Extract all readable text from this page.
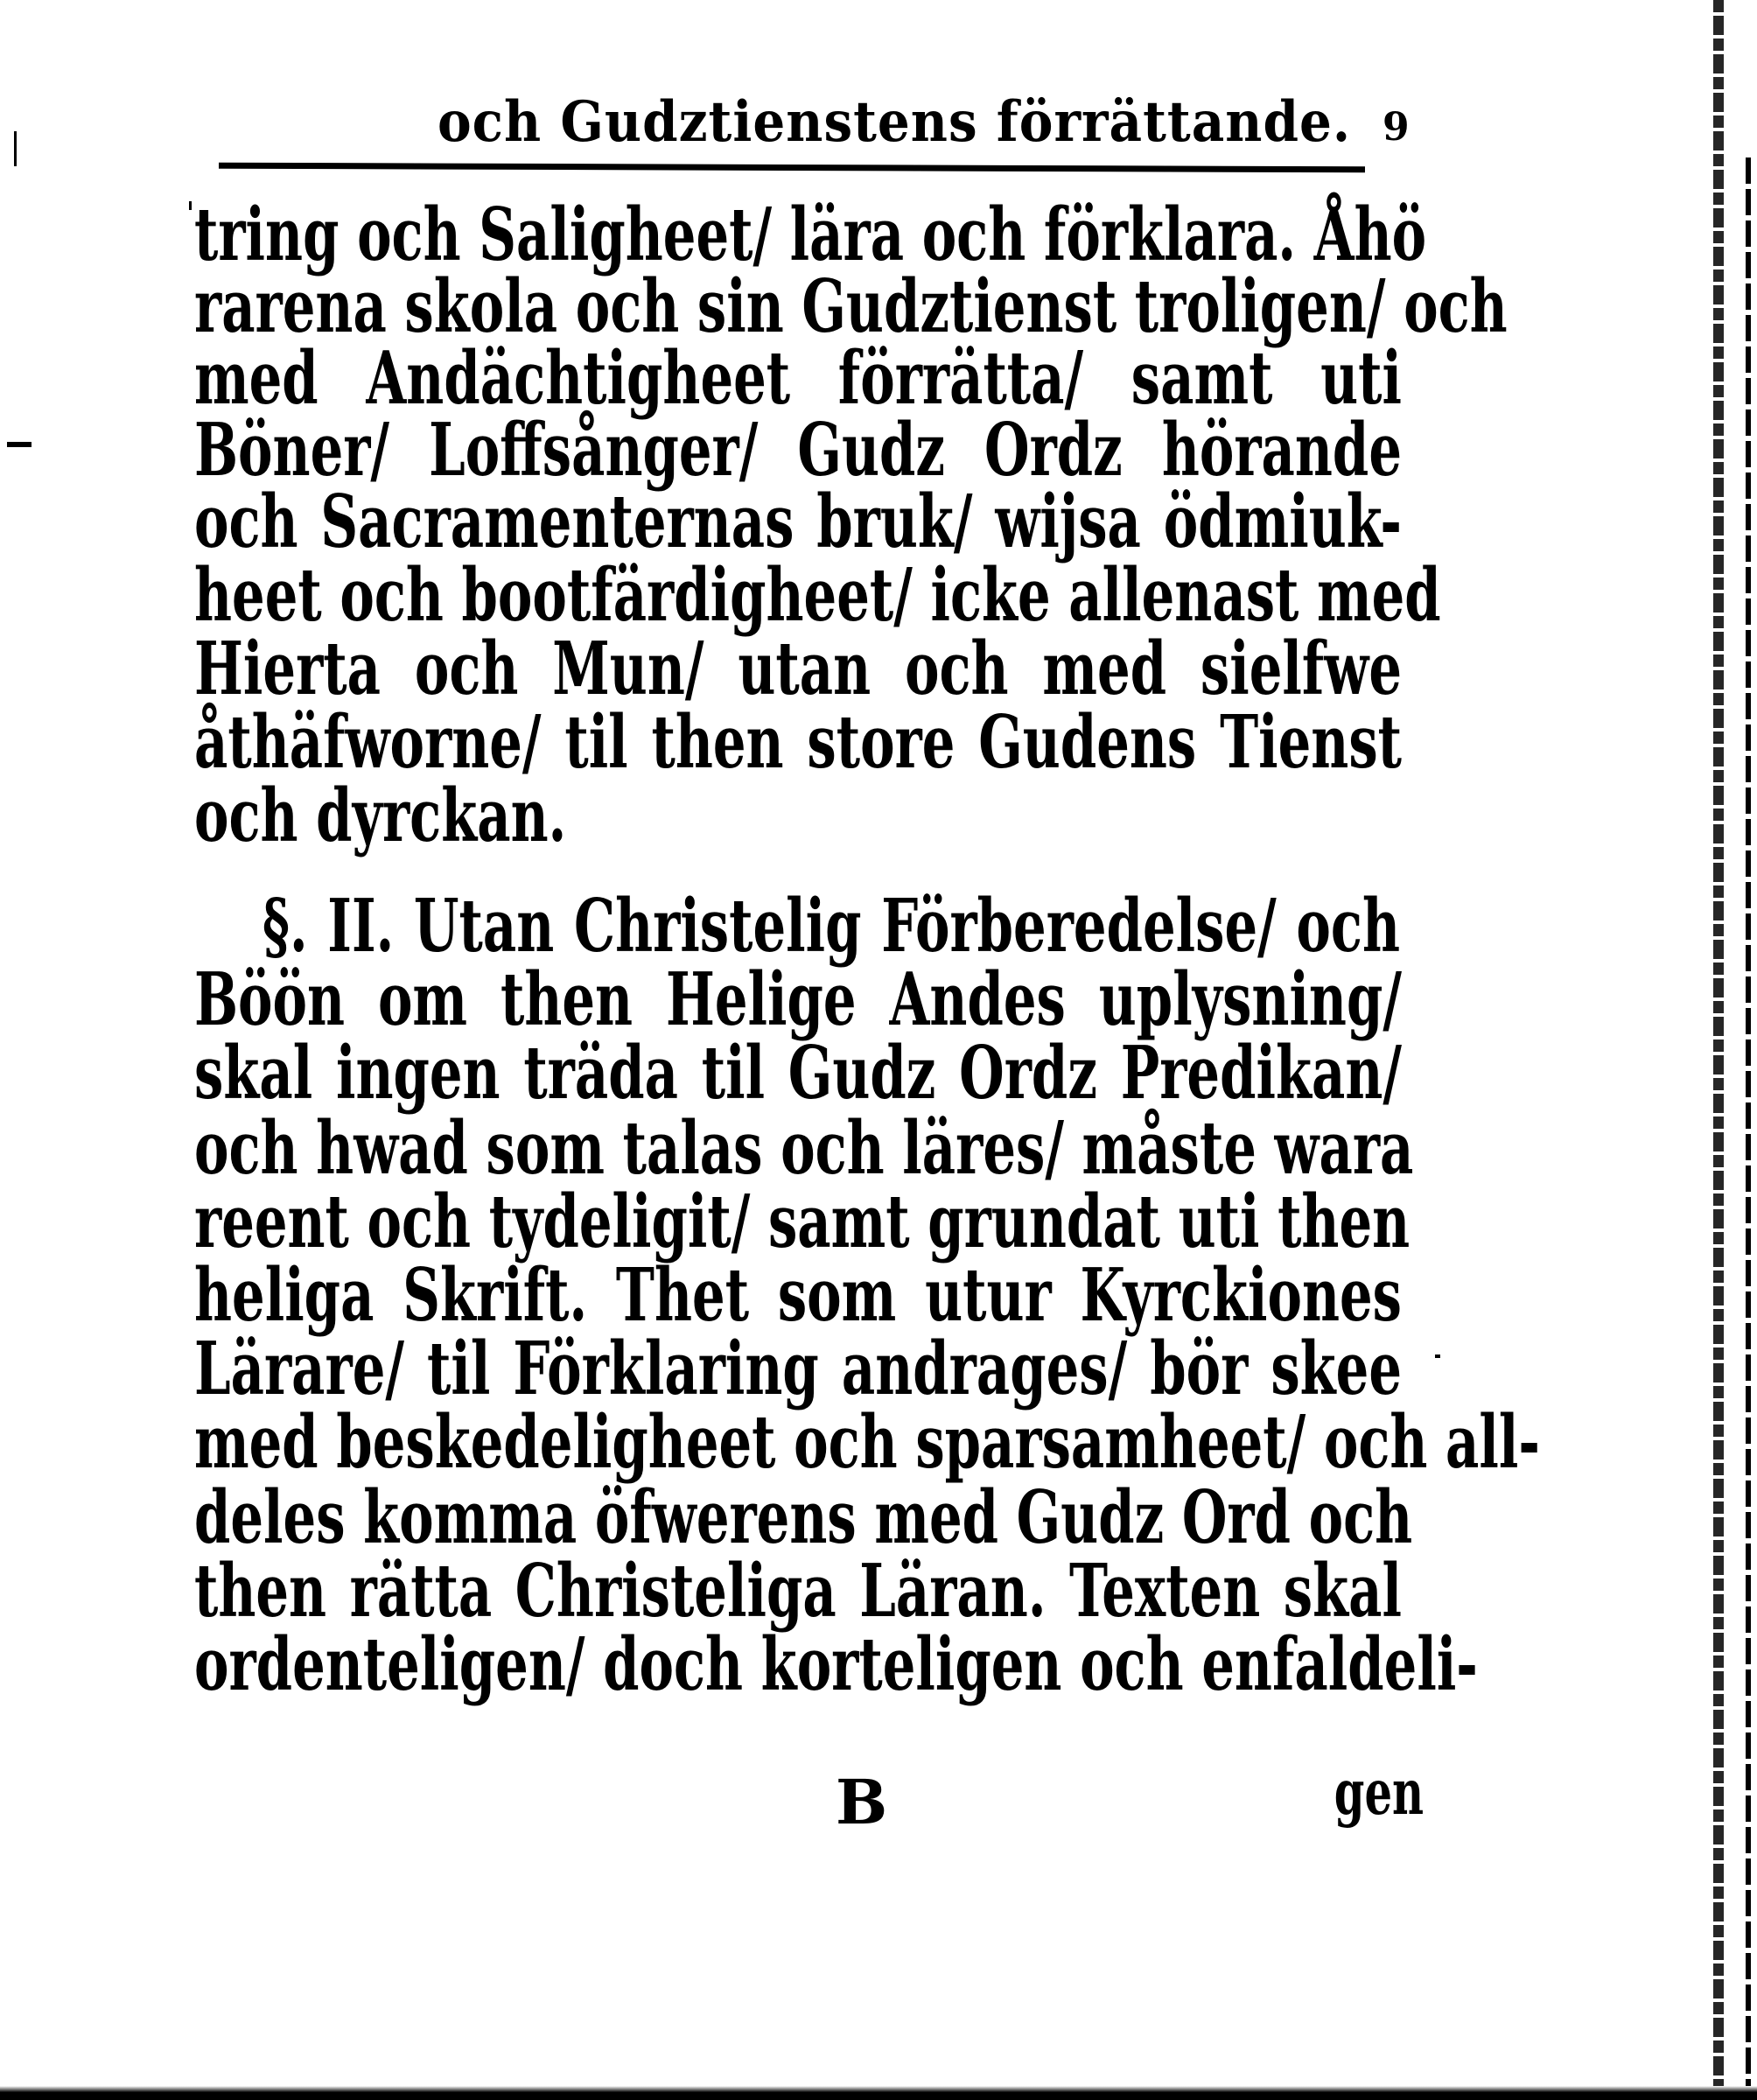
och Gudztienstens förrättande. 9
tring och Saligheet/ lära och förklara. Åhö
rarena skola och sin Gudztienst troligen/ och
med Andächtigheet förrätta/ samt uti
Böner/ Loffsånger/ Gudz Ordz hörande
och Sacramenternas bruk/ wijsa ödmiuk-
heet och bootfärdigheet/ icke allenast med
Hierta och Mun/ utan och med sielfwe
åthäfworne/ til then store Gudens Tienst
och dyrckan.
§. II. Utan Christelig Förberedelse/ och
Böön om then Helige Andes uplysning/
skal ingen träda til Gudz Ordz Predikan/
och hwad som talas och läres/ måste wara
reent och tydeligit/ samt grundat uti then
heliga Skrift. Thet som utur Kyrckiones
Lärare/ til Förklaring andrages/ bör skee
med beskedeligheet och sparsamheet/ och all-
deles komma öfwerens med Gudz Ord och
then rätta Christeliga Läran. Texten skal
ordenteligen/ doch korteligen och enfaldeli-
B	gen
